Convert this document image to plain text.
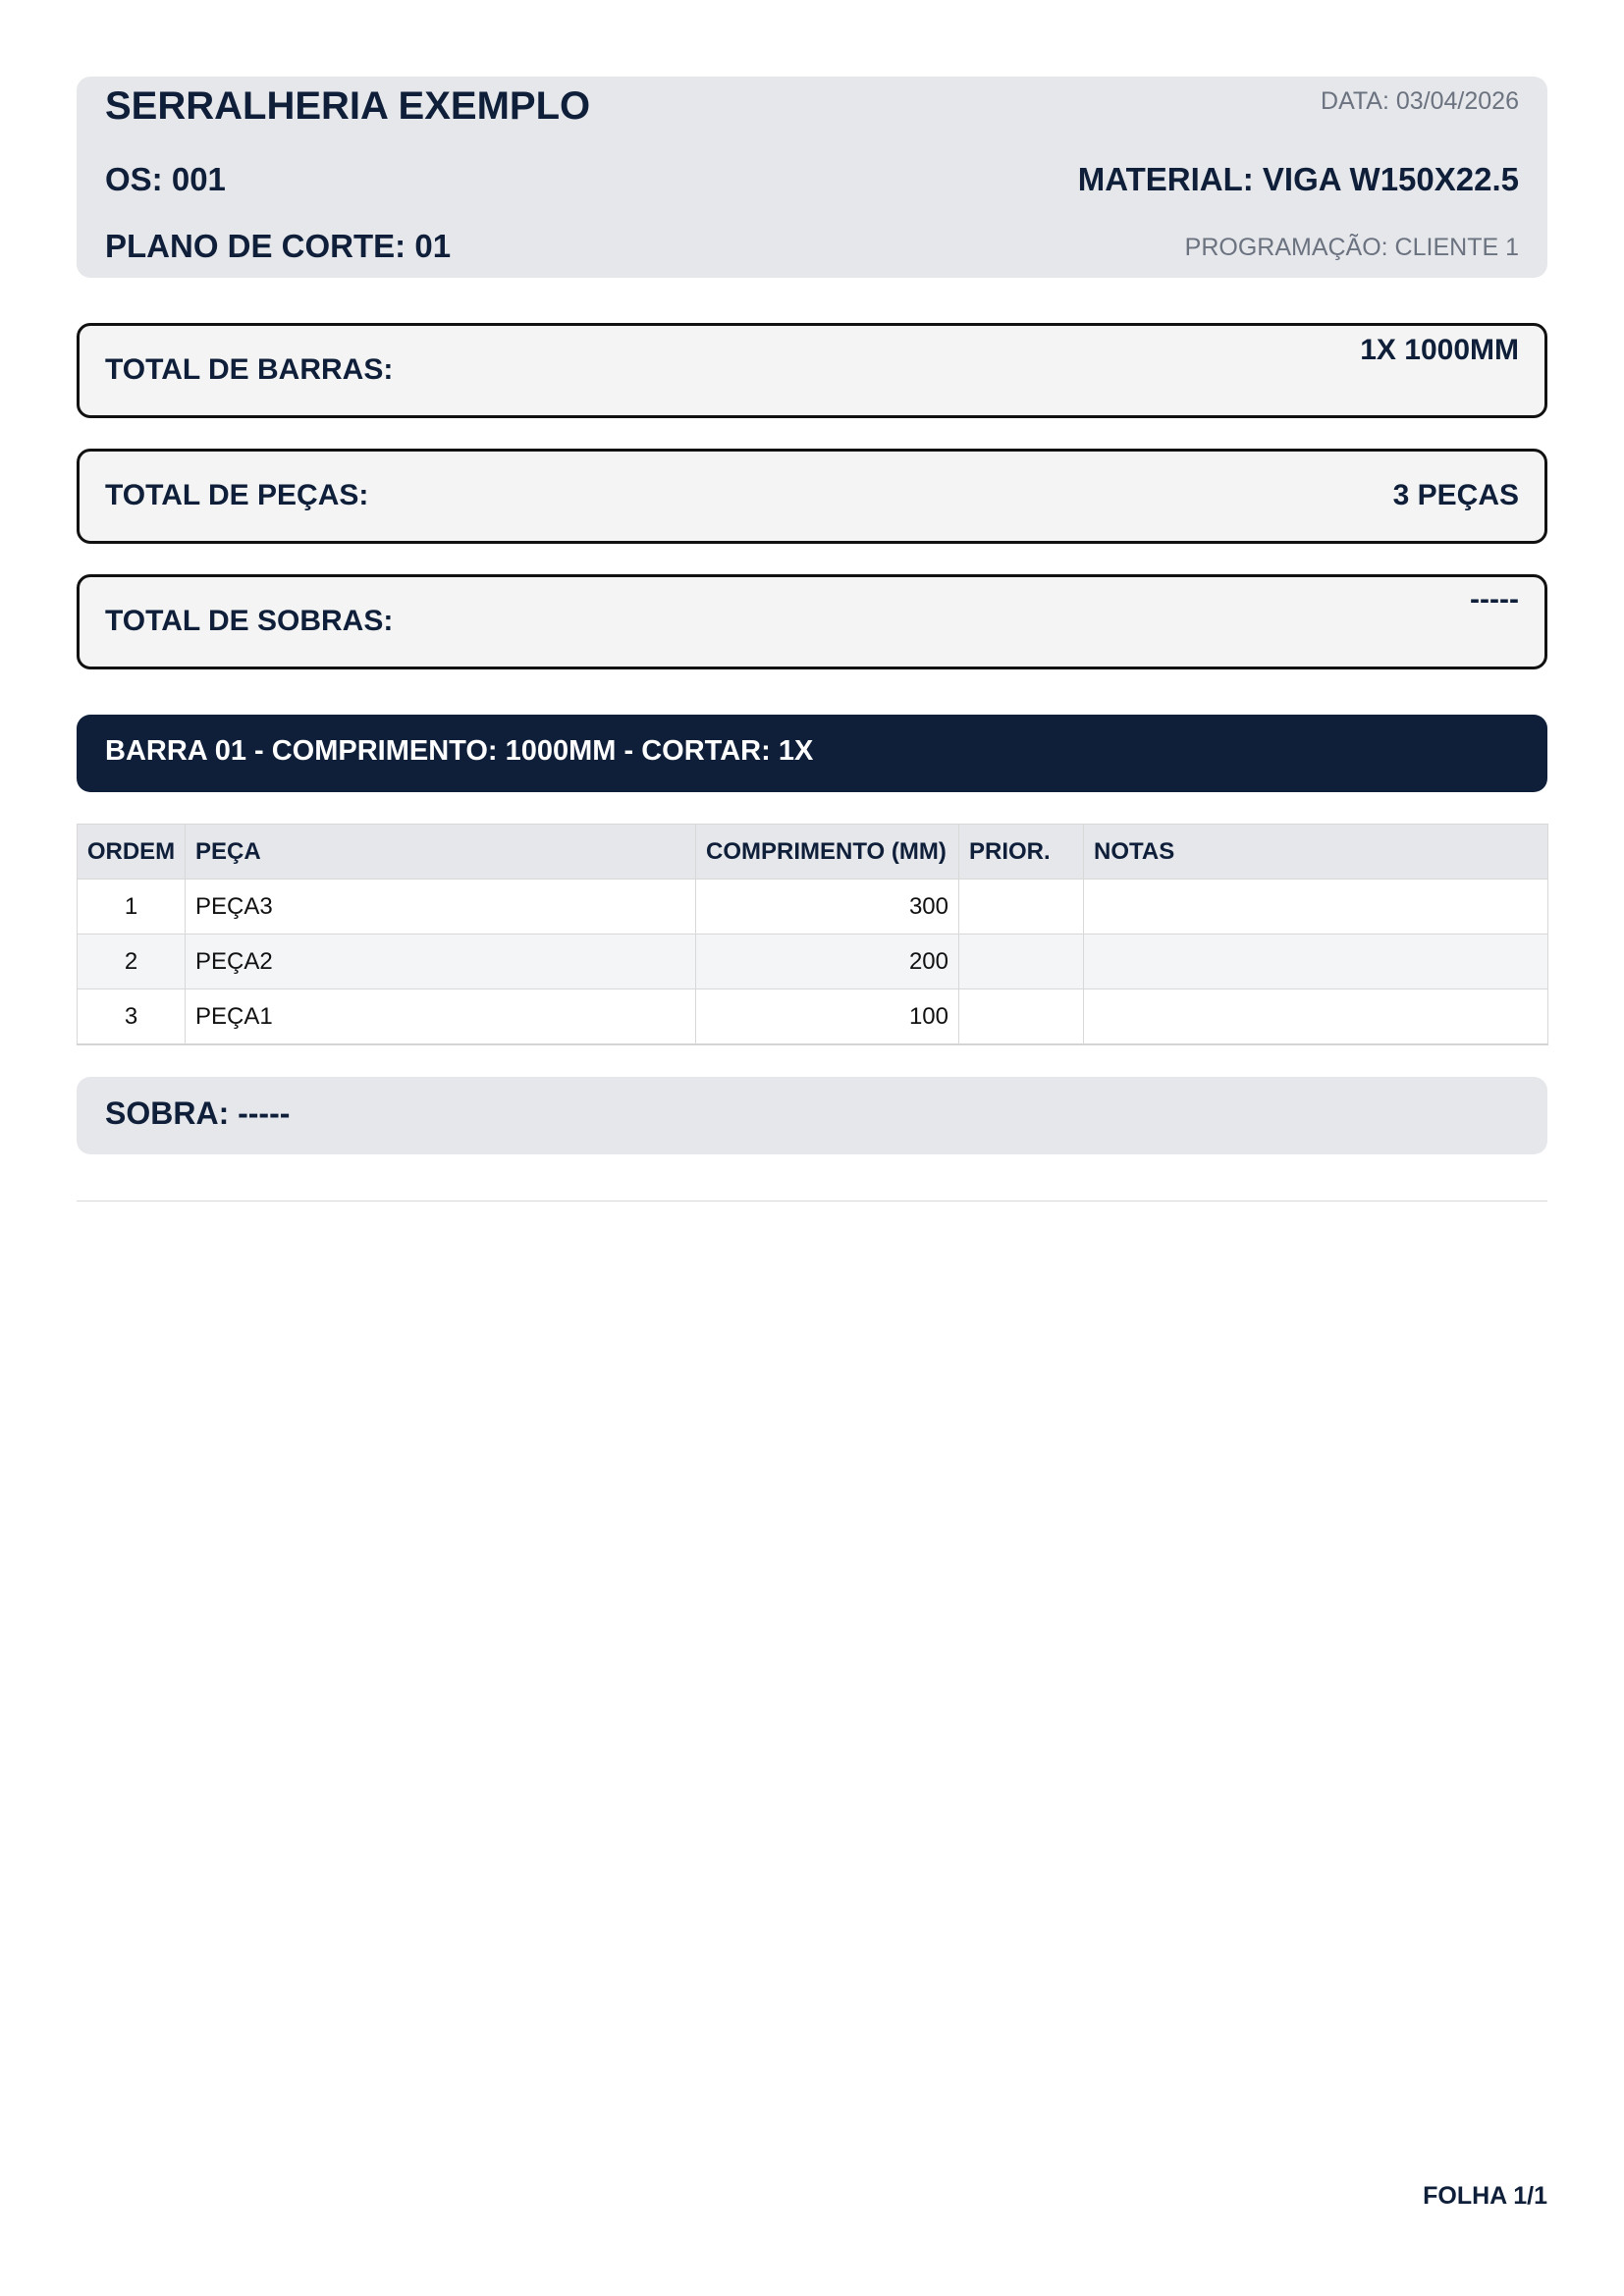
SERRALHERIA EXEMPLO	DATA: 03/04/2026
OS: 001	MATERIAL: VIGA W150X22.5
PLANO DE CORTE: 01	PROGRAMAÇÃO: CLIENTE 1
TOTAL DE BARRAS:
1X 1000MM
TOTAL DE PEÇAS:	3 PEÇAS
TOTAL DE SOBRAS:
-----
BARRA 01 - COMPRIMENTO: 1000MM - CORTAR: 1X
ORDEM	PEÇA	COMPRIMENTO (MM)	PRIOR.	NOTAS
1	PEÇA3	300		
2	PEÇA2	200		
3	PEÇA1	100		
SOBRA: -----
FOLHA 1/1
